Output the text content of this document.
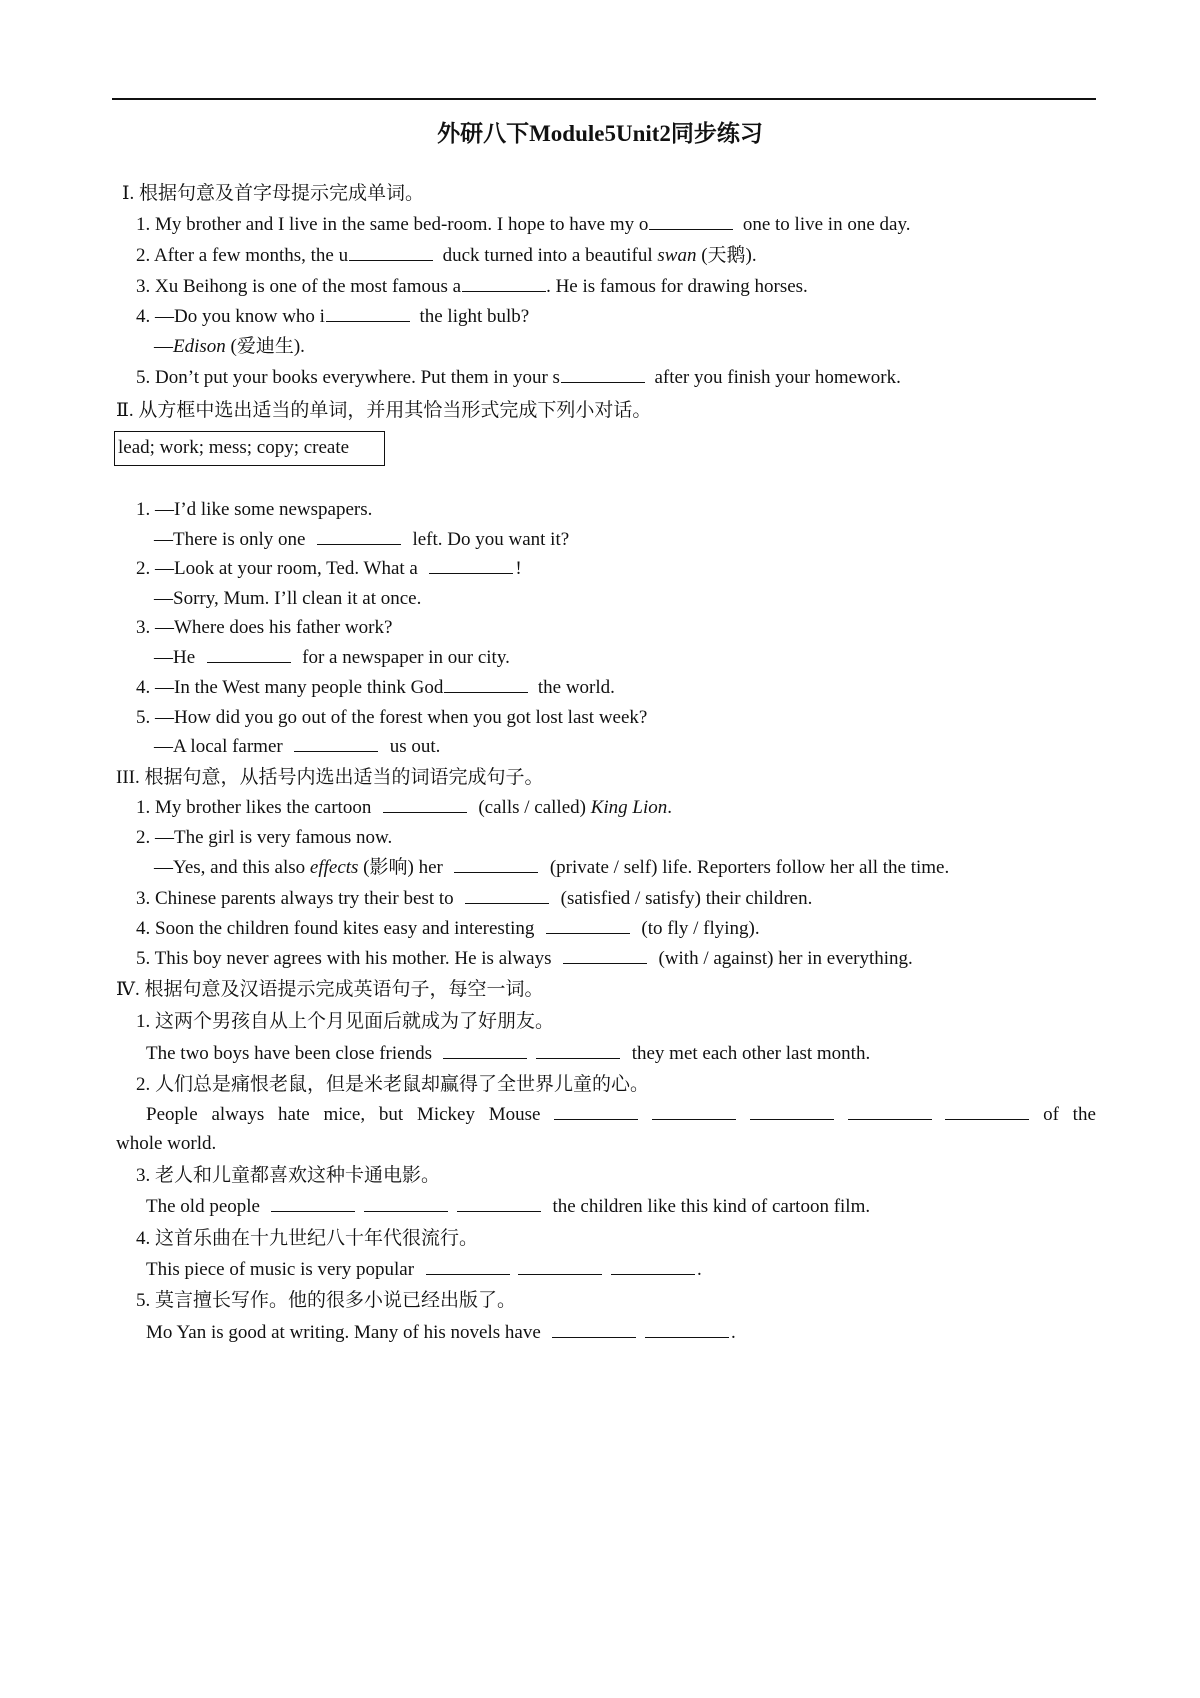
外研八下Module5Unit2同步练习
Ⅰ. 根据句意及首字母提示完成单词。
1. My brother and I live in the same bed-room. I hope to have my o	one to live in one day.
2. After a few months, the u	duck turned into a beautiful swan (天鹅).
3. Xu Beihong is one of the most famous a	. He is famous for drawing horses.
4. —Do you know who i	the light bulb?
—Edison (爱迪生).
5. Don’t put your books everywhere. Put them in your s	after you finish your homework.
Ⅱ. 从方框中选出适当的单词，并用其恰当形式完成下列小对话。
lead; work; mess; copy; create
1. —I’d like some newspapers.
—There is only one	left. Do you want it?
2. —Look at your room, Ted. What a	!
—Sorry, Mum. I’ll clean it at once.
3. —Where does his father work?
—He	for a newspaper in our city.
4. —In the West many people think God	the world.
5. —How did you go out of the forest when you got lost last week?
—A local farmer	us out.
III. 根据句意，从括号内选出适当的词语完成句子。
1. My brother likes the cartoon	(calls / called) King Lion.
2. —The girl is very famous now.
—Yes, and this also effects (影响) her	(private / self) life. Reporters follow her all the time.
3. Chinese parents always try their best to	(satisfied / satisfy) their children.
4. Soon the children found kites easy and interesting	(to fly / flying).
5. This boy never agrees with his mother. He is always	(with / against) her in everything.
Ⅳ. 根据句意及汉语提示完成英语句子，每空一词。
1. 这两个男孩自从上个月见面后就成为了好朋友。
The two boys have been close friends	they met each other last month.
2. 人们总是痛恨老鼠，但是米老鼠却赢得了全世界儿童的心。
People always hate mice, but Mickey Mouse	of the
whole world.
3. 老人和儿童都喜欢这种卡通电影。
The old people	the children like this kind of cartoon film.
4. 这首乐曲在十九世纪八十年代很流行。
This piece of music is very popular	.
5. 莫言擅长写作。他的很多小说已经出版了。
Mo Yan is good at writing. Many of his novels have	.
